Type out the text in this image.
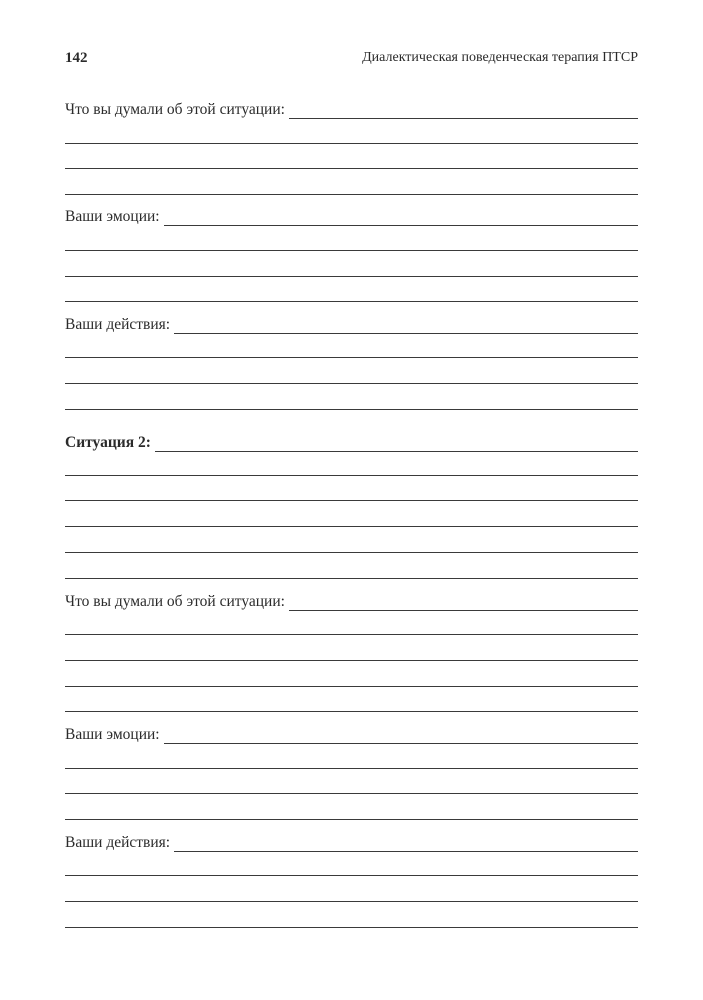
142	Диалектическая поведенческая терапия ПТСР
Что вы думали об этой ситуации:
Ваши эмоции:
Ваши действия:
Ситуация 2:
Что вы думали об этой ситуации:
Ваши эмоции:
Ваши действия:
